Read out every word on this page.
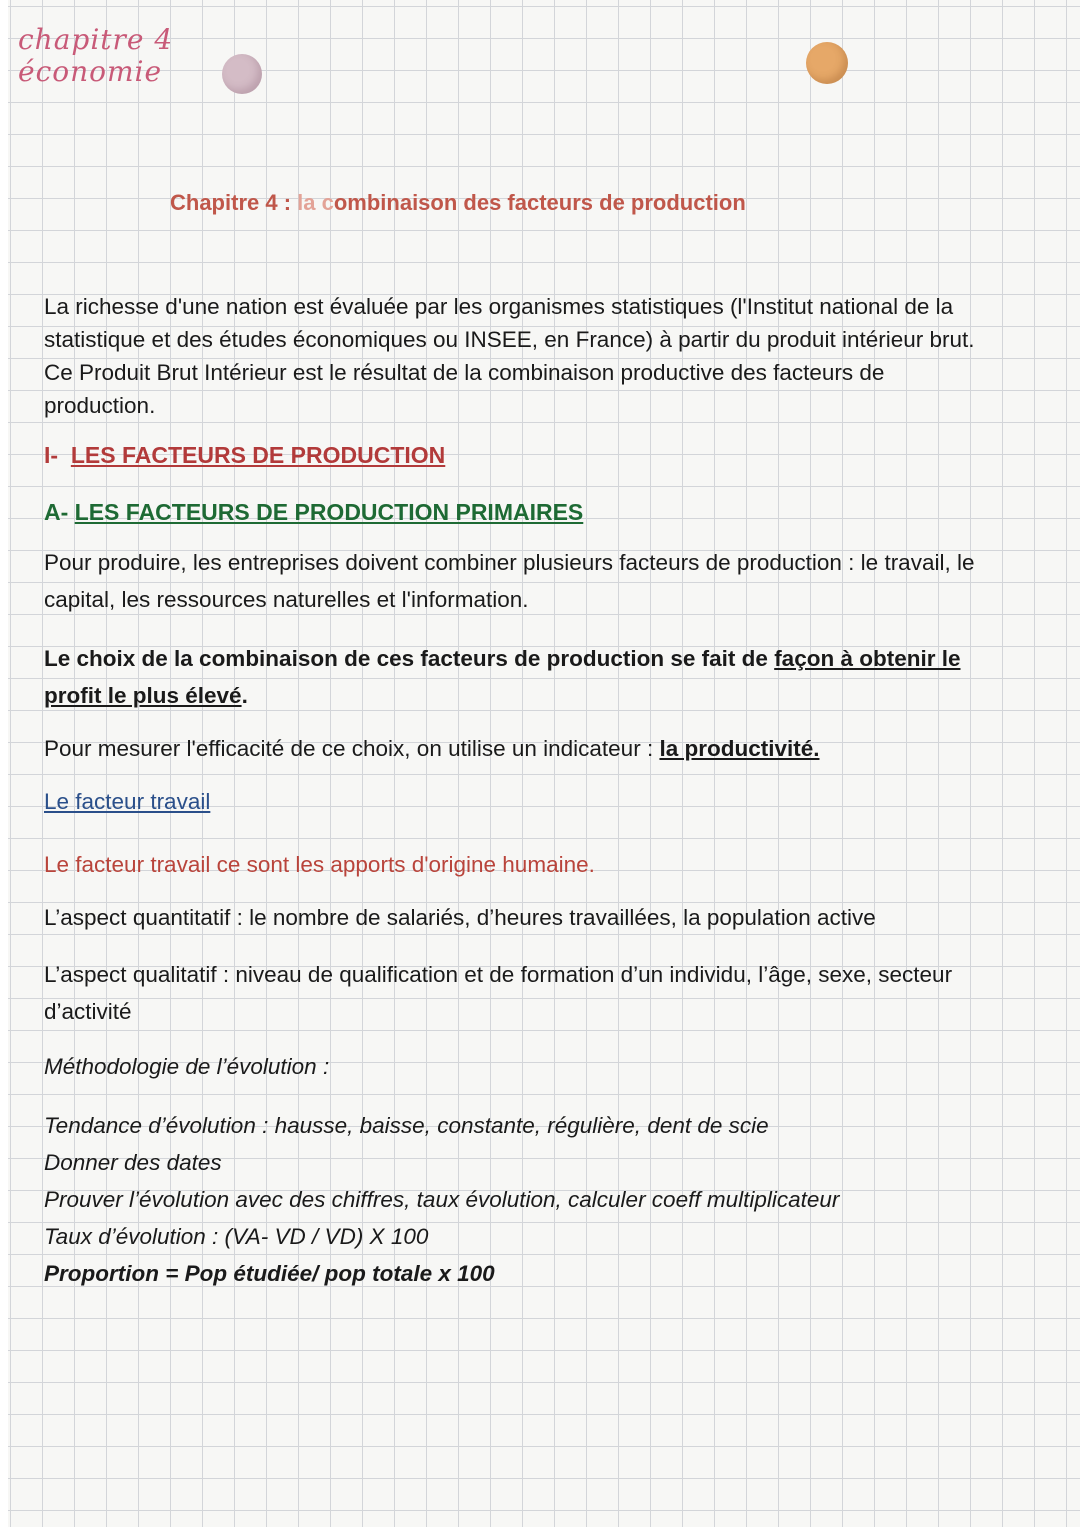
chapitre 4
économie
Chapitre 4 : la combinaison des facteurs de production

La richesse d'une nation est évaluée par les organismes statistiques (l'Institut national de la statistique et des études économiques ou INSEE, en France) à partir du produit intérieur brut. Ce Produit Brut Intérieur est le résultat de la combinaison productive des facteurs de production.

I- LES FACTEURS DE PRODUCTION
A- LES FACTEURS DE PRODUCTION PRIMAIRES

Pour produire, les entreprises doivent combiner plusieurs facteurs de production : le travail, le capital, les ressources naturelles et l'information.

Le choix de la combinaison de ces facteurs de production se fait de façon à obtenir le profit le plus élevé.

Pour mesurer l'efficacité de ce choix, on utilise un indicateur : la productivité.

Le facteur travail

Le facteur travail ce sont les apports d'origine humaine.

L’aspect quantitatif : le nombre de salariés, d’heures travaillées, la population active

L’aspect qualitatif : niveau de qualification et de formation d’un individu, l’âge, sexe, secteur d’activité

Méthodologie de l’évolution :

Tendance d’évolution : hausse, baisse, constante, régulière, dent de scie

Donner des dates

Prouver l’évolution avec des chiffres, taux évolution, calculer coeff multiplicateur

Taux d’évolution : (VA- VD / VD) X 100

Proportion = Pop étudiée/ pop totale x 100
